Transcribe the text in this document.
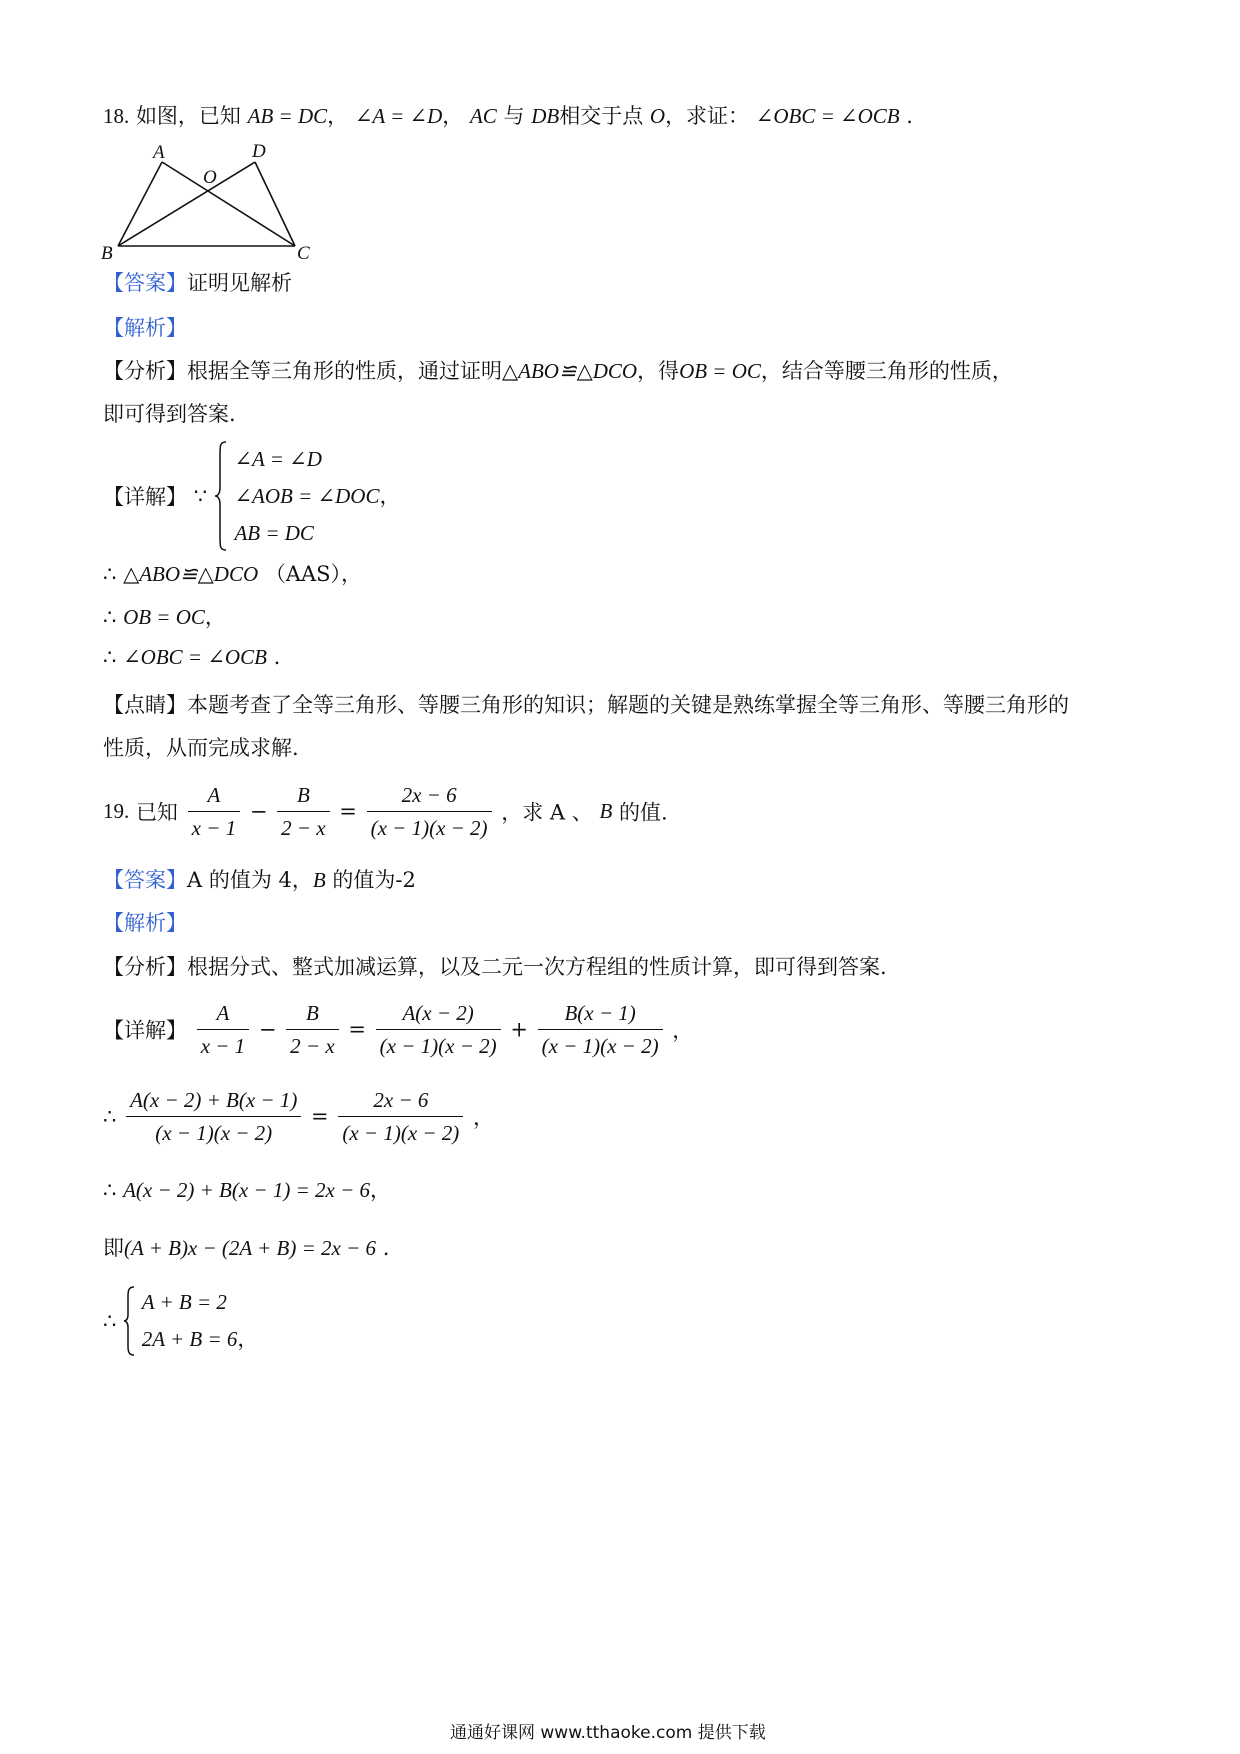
18. 如图，已知 AB = DC， ∠A = ∠D， AC 与 DB相交于点 O，求证： ∠OBC = ∠OCB .
A	D
O
B	C
【答案】证明见解析
【解析】
【分析】根据全等三角形的性质，通过证明△ABO≌△DCO，得OB = OC，结合等腰三角形的性质，
即可得到答案.
【详解】 ∵
∠A = ∠D
∠AOB = ∠DOC，
AB = DC
∴ △ABO≌△DCO （AAS），
∴ OB = OC，
∴ ∠OBC = ∠OCB .
【点睛】本题考查了全等三角形、等腰三角形的知识；解题的关键是熟练掌握全等三角形、等腰三角形的
性质，从而完成求解.
19. 已知 $\frac{A}{x - 1} - \frac{B}{2 - x} = \frac{2x - 6}{(x - 1)(x - 2)}$ ，求 A 、 B 的值.
【答案】A 的值为 4，B 的值为-2
【解析】
【分析】根据分式、整式加减运算，以及二元一次方程组的性质计算，即可得到答案.
【详解】 $\frac{A}{x - 1} - \frac{B}{2 - x} = \frac{A(x - 2)}{(x - 1)(x - 2)} + \frac{B(x - 1)}{(x - 1)(x - 2)}$ ，
∴ $\frac{A(x - 2) + B(x - 1)}{(x - 1)(x - 2)} = \frac{2x - 6}{(x - 1)(x - 2)}$ ，
∴ A(x − 2) + B(x − 1) = 2x − 6，
即(A + B)x − (2A + B) = 2x − 6 .
∴
A + B = 2
2A + B = 6，
通通好课网 www.tthaoke.com 提供下载
